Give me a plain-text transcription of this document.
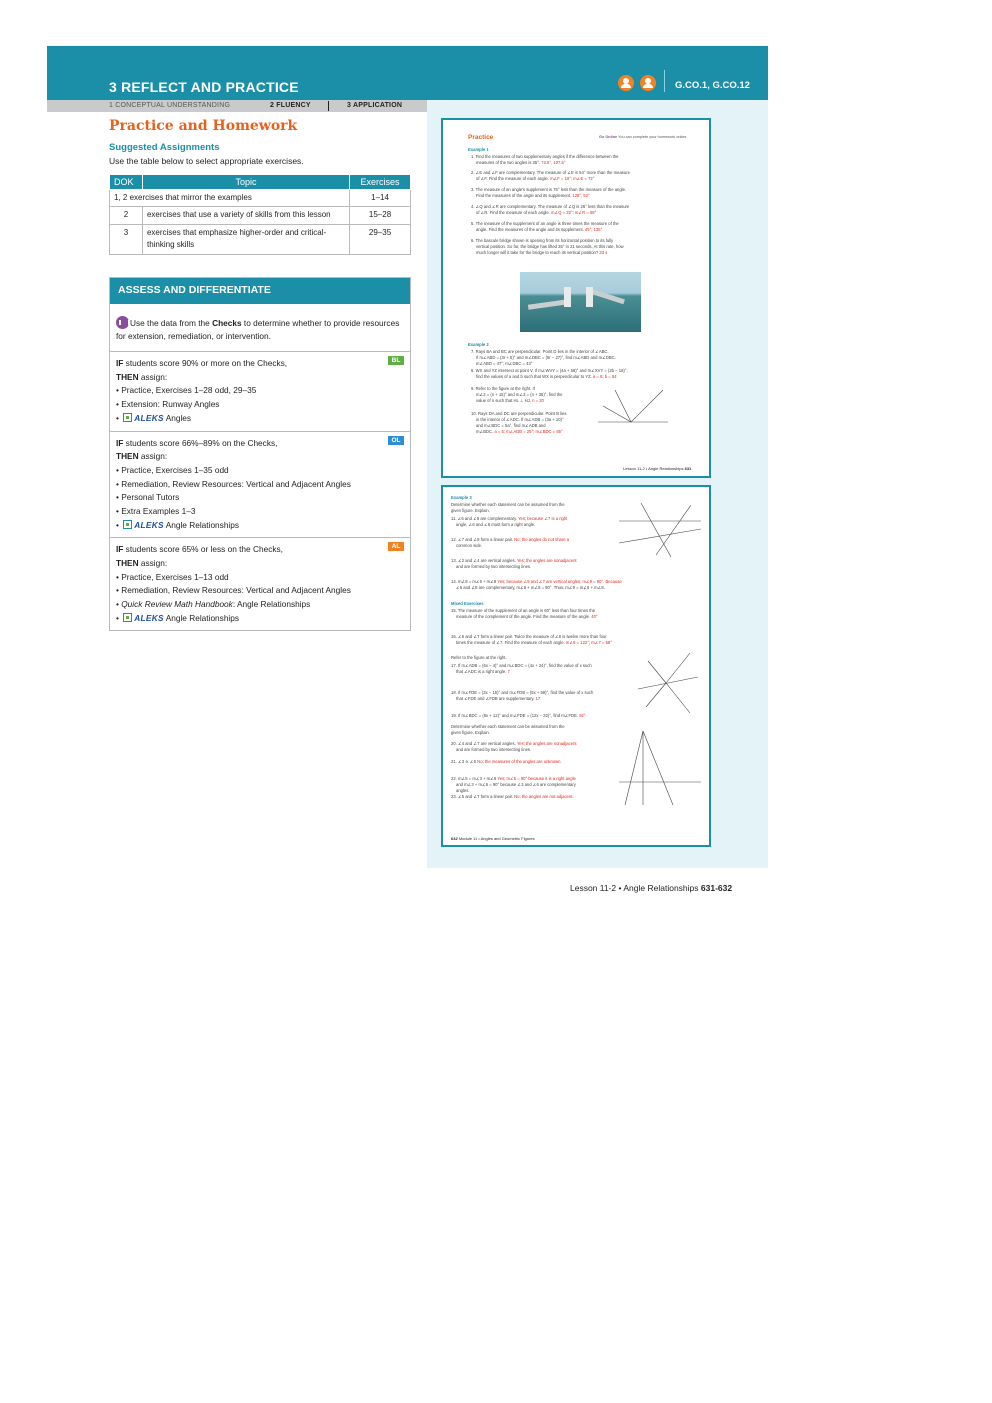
3 REFLECT AND PRACTICE	G.CO.1, G.CO.12
1 CONCEPTUAL UNDERSTANDING	2 FLUENCY	3 APPLICATION
Practice and Homework
Suggested Assignments
Use the table below to select appropriate exercises.
DOK	Topic	Exercises
1, 2 exercises that mirror the examples		1–14
2	exercises that use a variety of skills from this lesson	15–28
3	exercises that emphasize higher-order and critical-thinking skills	29–35
ASSESS AND DIFFERENTIATE
Use the data from the Checks to determine whether to provide resources for extension, remediation, or intervention.
BL
IF students score 90% or more on the Checks,
THEN assign:
• Practice, Exercises 1–28 odd, 29–35
• Extension: Runway Angles
• ALEKS Angles
OL
IF students score 66%–89% on the Checks,
THEN assign:
• Practice, Exercises 1–35 odd
• Remediation, Review Resources: Vertical and Adjacent Angles
• Personal Tutors
• Extra Examples 1–3
• ALEKS Angle Relationships
AL
IF students score 65% or less on the Checks,
THEN assign:
• Practice, Exercises 1–13 odd
• Remediation, Review Resources: Vertical and Adjacent Angles
• Quick Review Math Handbook: Angle Relationships
• ALEKS Angle Relationships
Practice	Go Online You can complete your homework online.
Example 1
1. Find the measures of two supplementary angles if the difference between the
measures of the two angles is 35°. 72.5°, 107.5°
2. ∠E and ∠F are complementary. The measure of ∠E is 54° more than the measure
of ∠F. Find the measure of each angle. m∠F = 18°; m∠E = 72°
3. The measure of an angle's supplement is 76° less than the measure of the angle.
Find the measures of the angle and its supplement. 128°; 52°
4. ∠Q and ∠R are complementary. The measure of ∠Q is 26° less than the measure
of ∠R. Find the measure of each angle. m∠Q = 32°; m∠R = 58°
5. The measure of the supplement of an angle is three times the measure of the
angle. Find the measures of the angle and its supplement. 45°; 135°
6. The bascule bridge shown is opening from its horizontal position to its fully
vertical position. So far, the bridge has lifted 35° in 21 seconds. At this rate, how
much longer will it take for the bridge to reach its vertical position? 33 s
Example 2
7. Rays BA and BC are perpendicular. Point D lies in the interior of ∠ABC.
If m∠ABD = (3r + 5)° and m∠DBC = (5r − 27)°, find m∠ABD and m∠DBC.
m∠ABD = 47°; m∠DBC = 43°
8. WX and YZ intersect at point V. If m∠WVY = (4a + 58)° and m∠XVY = (2b − 18)°,
find the values of a and b such that WX is perpendicular to YZ. a = 8; b = 54
9. Refer to the figure at the right. If
m∠2 = (n + 15)° and m∠3 = (n + 35)°, find the
value of n such that HL ⊥ HJ. n = 20
10. Rays DA and DC are perpendicular. Point B lies
in the interior of ∠ADC. If m∠ADB = (3a + 10)°
and m∠BDC = 5a°, find m∠ADB and
m∠BDC. a = 5; m∠ADB = 25°; m∠BDC = 65°
Lesson 11-2 • Angle Relationships 631
Example 3
Determine whether each statement can be assumed from the
given figure. Explain.
11. ∠6 and ∠8 are complementary. Yes; because ∠7 is a right
angle, ∠6 and ∠8 must form a right angle.
12. ∠7 and ∠8 form a linear pair. No; the angles do not share a
common side.
13. ∠2 and ∠4 are vertical angles. Yes; the angles are nonadjacent
and are formed by two intersecting lines.
14. m∠9 = m∠6 + m∠8 Yes; because ∠9 and ∠7 are vertical angles, m∠9 = 90°. Because
∠6 and ∠8 are complementary, m∠6 + m∠8 = 90°. Thus, m∠9 = m∠6 + m∠8.
Mixed Exercises
15. The measure of the supplement of an angle is 60° less than four times the
measure of the complement of the angle. Find the measure of the angle. 40°
16. ∠6 and ∠7 form a linear pair. Twice the measure of ∠6 is twelve more than four
times the measure of ∠7. Find the measure of each angle. m∠6 = 122°; m∠7 = 58°
Refer to the figure at the right.
17. If m∠ADB = (6x − 4)° and m∠BDC = (4x + 24)°, find the value of x such
that ∠ADC is a right angle. 7
18. If m∠FDE = (3x − 15)° and m∠FDB = (5x + 59)°, find the value of x such
that ∠FDE and ∠FDB are supplementary. 17
19. If m∠BDC = (8x + 12)° and m∠FDE = (12x − 32)°, find m∠FDE. 92°
Determine whether each statement can be assumed from the
given figure. Explain.
20. ∠4 and ∠7 are vertical angles. Yes; the angles are nonadjacent
and are formed by two intersecting lines.
21. ∠3 ≅ ∠6 No; the measures of the angles are unknown.
22. m∠5 = m∠3 + m∠6 Yes; m∠5 = 90° because it is a right angle
and m∠3 + m∠6 = 90° because ∠3 and ∠6 are complementary
angles.
23. ∠5 and ∠7 form a linear pair. No; the angles are not adjacent.
632 Module 11 • Angles and Geometric Figures
Lesson 11-2 • Angle Relationships 631-632
